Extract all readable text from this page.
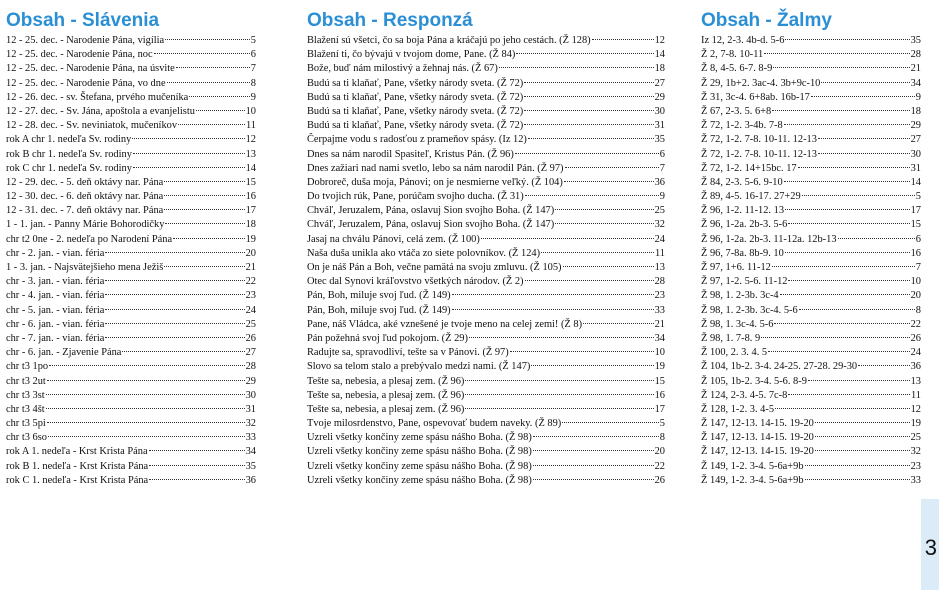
Obsah - Slávenia
12 - 25. dec. - Narodenie Pána, vigília	5
12 - 25. dec. - Narodenie Pána, noc	6
12 - 25. dec. - Narodenie Pána, na úsvite	7
12 - 25. dec. - Narodenie Pána, vo dne	8
12 - 26. dec. - sv. Štefana, prvého mučeníka	9
12 - 27. dec. - Sv. Jána, apoštola a evanjelistu	10
12 - 28. dec. - Sv. neviniatok, mučeníkov	11
rok A chr 1. nedeľa Sv. rodiny	12
rok B chr 1. nedeľa Sv. rodiny	13
rok C chr 1. nedeľa Sv. rodiny	14
12 - 29. dec. - 5. deň oktávy nar. Pána	15
12 - 30. dec. - 6. deň oktávy nar. Pána	16
12 - 31. dec. - 7. deň oktávy nar. Pána	17
1 - 1. jan. - Panny Márie Bohorodičky	18
chr t2 0ne - 2. nedeľa po Narodení Pána	19
chr - 2. jan. - vian. féria	20
1 - 3. jan. - Najsvätejšieho mena Ježiš	21
chr - 3. jan. - vian. féria	22
chr - 4. jan. - vian. féria	23
chr - 5. jan. - vian. féria	24
chr - 6. jan. - vian. féria	25
chr - 7. jan. - vian. féria	26
chr - 6. jan. - Zjavenie Pána	27
chr t3 1po	28
chr t3 2ut	29
chr t3 3st	30
chr t3 4št	31
chr t3 5pi	32
chr t3 6so	33
rok A 1. nedeľa - Krst Krista Pána	34
rok B 1. nedeľa - Krst Krista Pána	35
rok C 1. nedeľa - Krst Krista Pána	36
Obsah - Responzá
Blažení sú všetci, čo sa boja Pána a kráčajú po jeho cestách. (Ž 128)	12
Blažení ti, čo bývajú v tvojom dome, Pane. (Ž 84)	14
Bože, buď nám milostivý a žehnaj nás. (Ž 67)	18
Budú sa ti klaňať, Pane, všetky národy sveta. (Ž 72)	27
Budú sa ti klaňať, Pane, všetky národy sveta. (Ž 72)	29
Budú sa ti klaňať, Pane, všetky národy sveta. (Ž 72)	30
Budú sa ti klaňať, Pane, všetky národy sveta. (Ž 72)	31
Čerpajme vodu s radosťou z prameňov spásy. (Iz 12)	35
Dnes sa nám narodil Spasiteľ, Kristus Pán. (Ž 96)	6
Dnes zažiari nad nami svetlo, lebo sa nám narodil Pán. (Ž 97)	7
Dobroreč, duša moja, Pánovi; on je nesmierne veľký. (Ž 104)	36
Do tvojich rúk, Pane, porúčam svojho ducha. (Ž 31)	9
Chváľ, Jeruzalem, Pána, oslavuj Sion svojho Boha. (Ž 147)	25
Chváľ, Jeruzalem, Pána, oslavuj Sion svojho Boha. (Ž 147)	32
Jasaj na chválu Pánovi, celá zem. (Ž 100)	24
Naša duša unikla ako vtáča zo siete polovníkov. (Ž 124)	11
On je náš Pán a Boh, večne pamätá na svoju zmluvu. (Ž 105)	13
Otec dal Synovi kráľovstvo všetkých národov. (Ž 2)	28
Pán, Boh, miluje svoj ľud. (Ž 149)	23
Pán, Boh, miluje svoj ľud. (Ž 149)	33
Pane, náš Vládca, aké vznešené je tvoje meno na celej zemi! (Ž 8)	21
Pán požehná svoj ľud pokojom. (Ž 29)	34
Radujte sa, spravodliví, tešte sa v Pánovi. (Ž 97)	10
Slovo sa telom stalo a prebývalo medzi nami. (Ž 147)	19
Tešte sa, nebesia, a plesaj zem. (Ž 96)	15
Tešte sa, nebesia, a plesaj zem. (Ž 96)	16
Tešte sa, nebesia, a plesaj zem. (Ž 96)	17
Tvoje milosrdenstvo, Pane, ospevovať budem naveky. (Ž 89)	5
Uzreli všetky končiny zeme spásu nášho Boha. (Ž 98)	8
Uzreli všetky končiny zeme spásu nášho Boha. (Ž 98)	20
Uzreli všetky končiny zeme spásu nášho Boha. (Ž 98)	22
Uzreli všetky končiny zeme spásu nášho Boha. (Ž 98)	26
Obsah - Žalmy
Iz 12, 2-3. 4b-d. 5-6	35
Ž 2, 7-8. 10-11	28
Ž 8, 4-5. 6-7. 8-9	21
Ž 29, 1b+2. 3ac-4. 3b+9c-10	34
Ž 31, 3c-4. 6+8ab. 16b-17	9
Ž 67, 2-3. 5. 6+8	18
Ž 72, 1-2. 3-4b. 7-8	29
Ž 72, 1-2. 7-8. 10-11. 12-13	27
Ž 72, 1-2. 7-8. 10-11. 12-13	30
Ž 72, 1-2. 14+15bc. 17	31
Ž 84, 2-3. 5-6. 9-10	14
Ž 89, 4-5. 16-17. 27+29	5
Ž 96, 1-2. 11-12. 13	17
Ž 96, 1-2a. 2b-3. 5-6	15
Ž 96, 1-2a. 2b-3. 11-12a. 12b-13	6
Ž 96, 7-8a. 8b-9. 10	16
Ž 97, 1+6. 11-12	7
Ž 97, 1-2. 5-6. 11-12	10
Ž 98, 1. 2-3b. 3c-4	20
Ž 98, 1. 2-3b. 3c-4. 5-6	8
Ž 98, 1. 3c-4. 5-6	22
Ž 98, 1. 7-8. 9	26
Ž 100, 2. 3. 4. 5	24
Ž 104, 1b-2. 3-4. 24-25. 27-28. 29-30	36
Ž 105, 1b-2. 3-4. 5-6. 8-9	13
Ž 124, 2-3. 4-5. 7c-8	11
Ž 128, 1-2. 3. 4-5	12
Ž 147, 12-13. 14-15. 19-20	19
Ž 147, 12-13. 14-15. 19-20	25
Ž 147, 12-13. 14-15. 19-20	32
Ž 149, 1-2. 3-4. 5-6a+9b	23
Ž 149, 1-2. 3-4. 5-6a+9b	33
3
